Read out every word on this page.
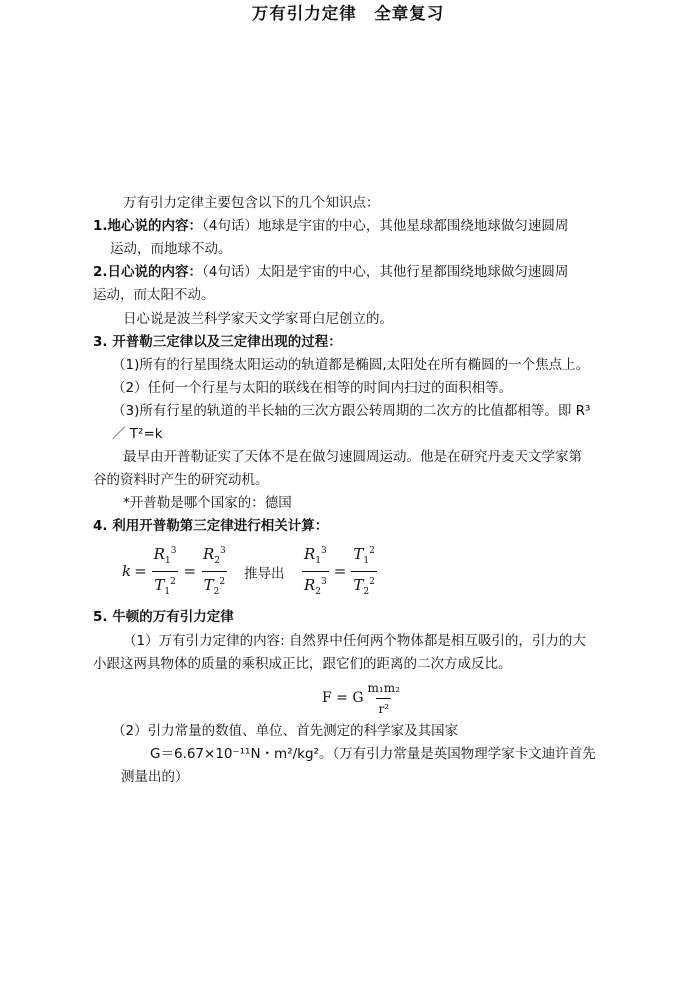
万有引力定律　全章复习
万有引力定律主要包含以下的几个知识点：
1.地心说的内容：（4句话）地球是宇宙的中心，其他星球都围绕地球做匀速圆周
运动，而地球不动。
2.日心说的内容：（4句话）太阳是宇宙的中心，其他行星都围绕地球做匀速圆周
运动，而太阳不动。
日心说是波兰科学家天文学家哥白尼创立的。
3. 开普勒三定律以及三定律出现的过程：
（1)所有的行星围绕太阳运动的轨道都是椭圆,太阳处在所有椭圆的一个焦点上。
（2）任何一个行星与太阳的联线在相等的时间内扫过的面积相等。
（3)所有行星的轨道的半长轴的三次方跟公转周期的二次方的比值都相等。即 R³
／ T²=k
最早由开普勒证实了天体不是在做匀速圆周运动。他是在研究丹麦天文学家第
谷的资料时产生的研究动机。
*开普勒是哪个国家的：德国
4. 利用开普勒第三定律进行相关计算：
$k = \frac{R_1^3}{T_1^2} = \frac{R_2^3}{T_2^2}$ 推导出 $\frac{R_1^3}{R_2^3} = \frac{T_1^2}{T_2^2}$
5. 牛顿的万有引力定律
（1）万有引力定律的内容: 自然界中任何两个物体都是相互吸引的，引力的大
小跟这两具物体的质量的乘积成正比，跟它们的距离的二次方成反比。
F = G $\frac{\text{m₁m₂}}{\text{r²}}$
（2）引力常量的数值、单位、首先测定的科学家及其国家
G＝6.67×10⁻¹¹N・m²/kg²。（万有引力常量是英国物理学家卡文迪许首先
测量出的）
